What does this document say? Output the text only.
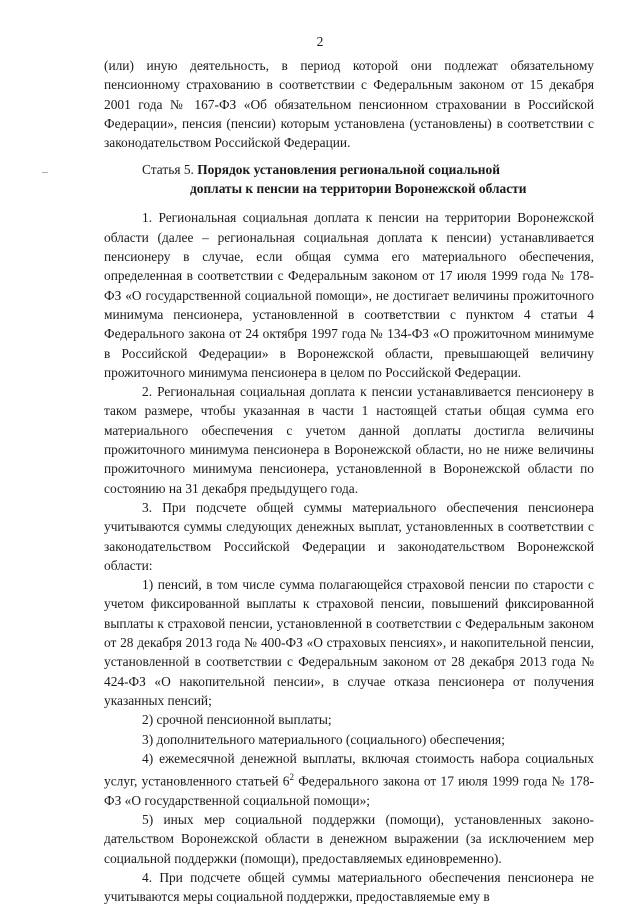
2

(или) иную деятельность, в период которой они подлежат обязательному пенсионному страхованию в соответствии с Федеральным законом от 15 декабря 2001 года № 167-ФЗ «Об обязательном пенсионном страховании в Российской Федерации», пенсия (пенсии) которым установлена (установлены) в соответствии с законодательством Российской Федерации.

Статья 5. Порядок установления региональной социальной
доплаты к пенсии на территории Воронежской области

1. Региональная социальная доплата к пенсии на территории Воронежской области (далее – региональная социальная доплата к пенсии) устанавливается пенсионеру в случае, если общая сумма его материального обеспечения, определенная в соответствии с Федеральным законом от 17 июля 1999 года № 178-ФЗ «О государственной социальной помощи», не достигает величины прожиточного минимума пенсионера, установленной в соответствии с пунктом 4 статьи 4 Федерального закона от 24 октября 1997 года № 134-ФЗ «О прожиточном минимуме в Российской Федерации» в Воронежской области, превышающей величину прожиточного минимума пенсионера в целом по Российской Федерации.

2. Региональная социальная доплата к пенсии устанавливается пенсионеру в таком размере, чтобы указанная в части 1 настоящей статьи общая сумма его материального обеспечения с учетом данной доплаты достигла величины прожиточного минимума пенсионера в Воронежской области, но не ниже величины прожиточного минимума пенсионера, установленной в Воронежской области по состоянию на 31 декабря предыдущего года.

3. При подсчете общей суммы материального обеспечения пенсионера учитываются суммы следующих денежных выплат, установленных в соответствии с законодательством Российской Федерации и законодательством Воронежской области:

1) пенсий, в том числе сумма полагающейся страховой пенсии по старости с учетом фиксированной выплаты к страховой пенсии, повышений фиксированной выплаты к страховой пенсии, установленной в соответствии с Федеральным законом от 28 декабря 2013 года № 400-ФЗ «О страховых пенсиях», и накопительной пенсии, установленной в соответствии с Федеральным законом от 28 декабря 2013 года № 424-ФЗ «О накопительной пенсии», в случае отказа пенсионера от получения указанных пенсий;

2) срочной пенсионной выплаты;

3) дополнительного материального (социального) обеспечения;

4) ежемесячной денежной выплаты, включая стоимость набора социальных услуг, установленного статьей $6^2$ Федерального закона от 17 июля 1999 года № 178-ФЗ «О государственной социальной помощи»;

5) иных мер социальной поддержки (помощи), установленных законодательством Воронежской области в денежном выражении (за исключением мер социальной поддержки (помощи), предоставляемых единовременно).

4. При подсчете общей суммы материального обеспечения пенсионера не учитываются меры социальной поддержки, предоставляемые ему в
